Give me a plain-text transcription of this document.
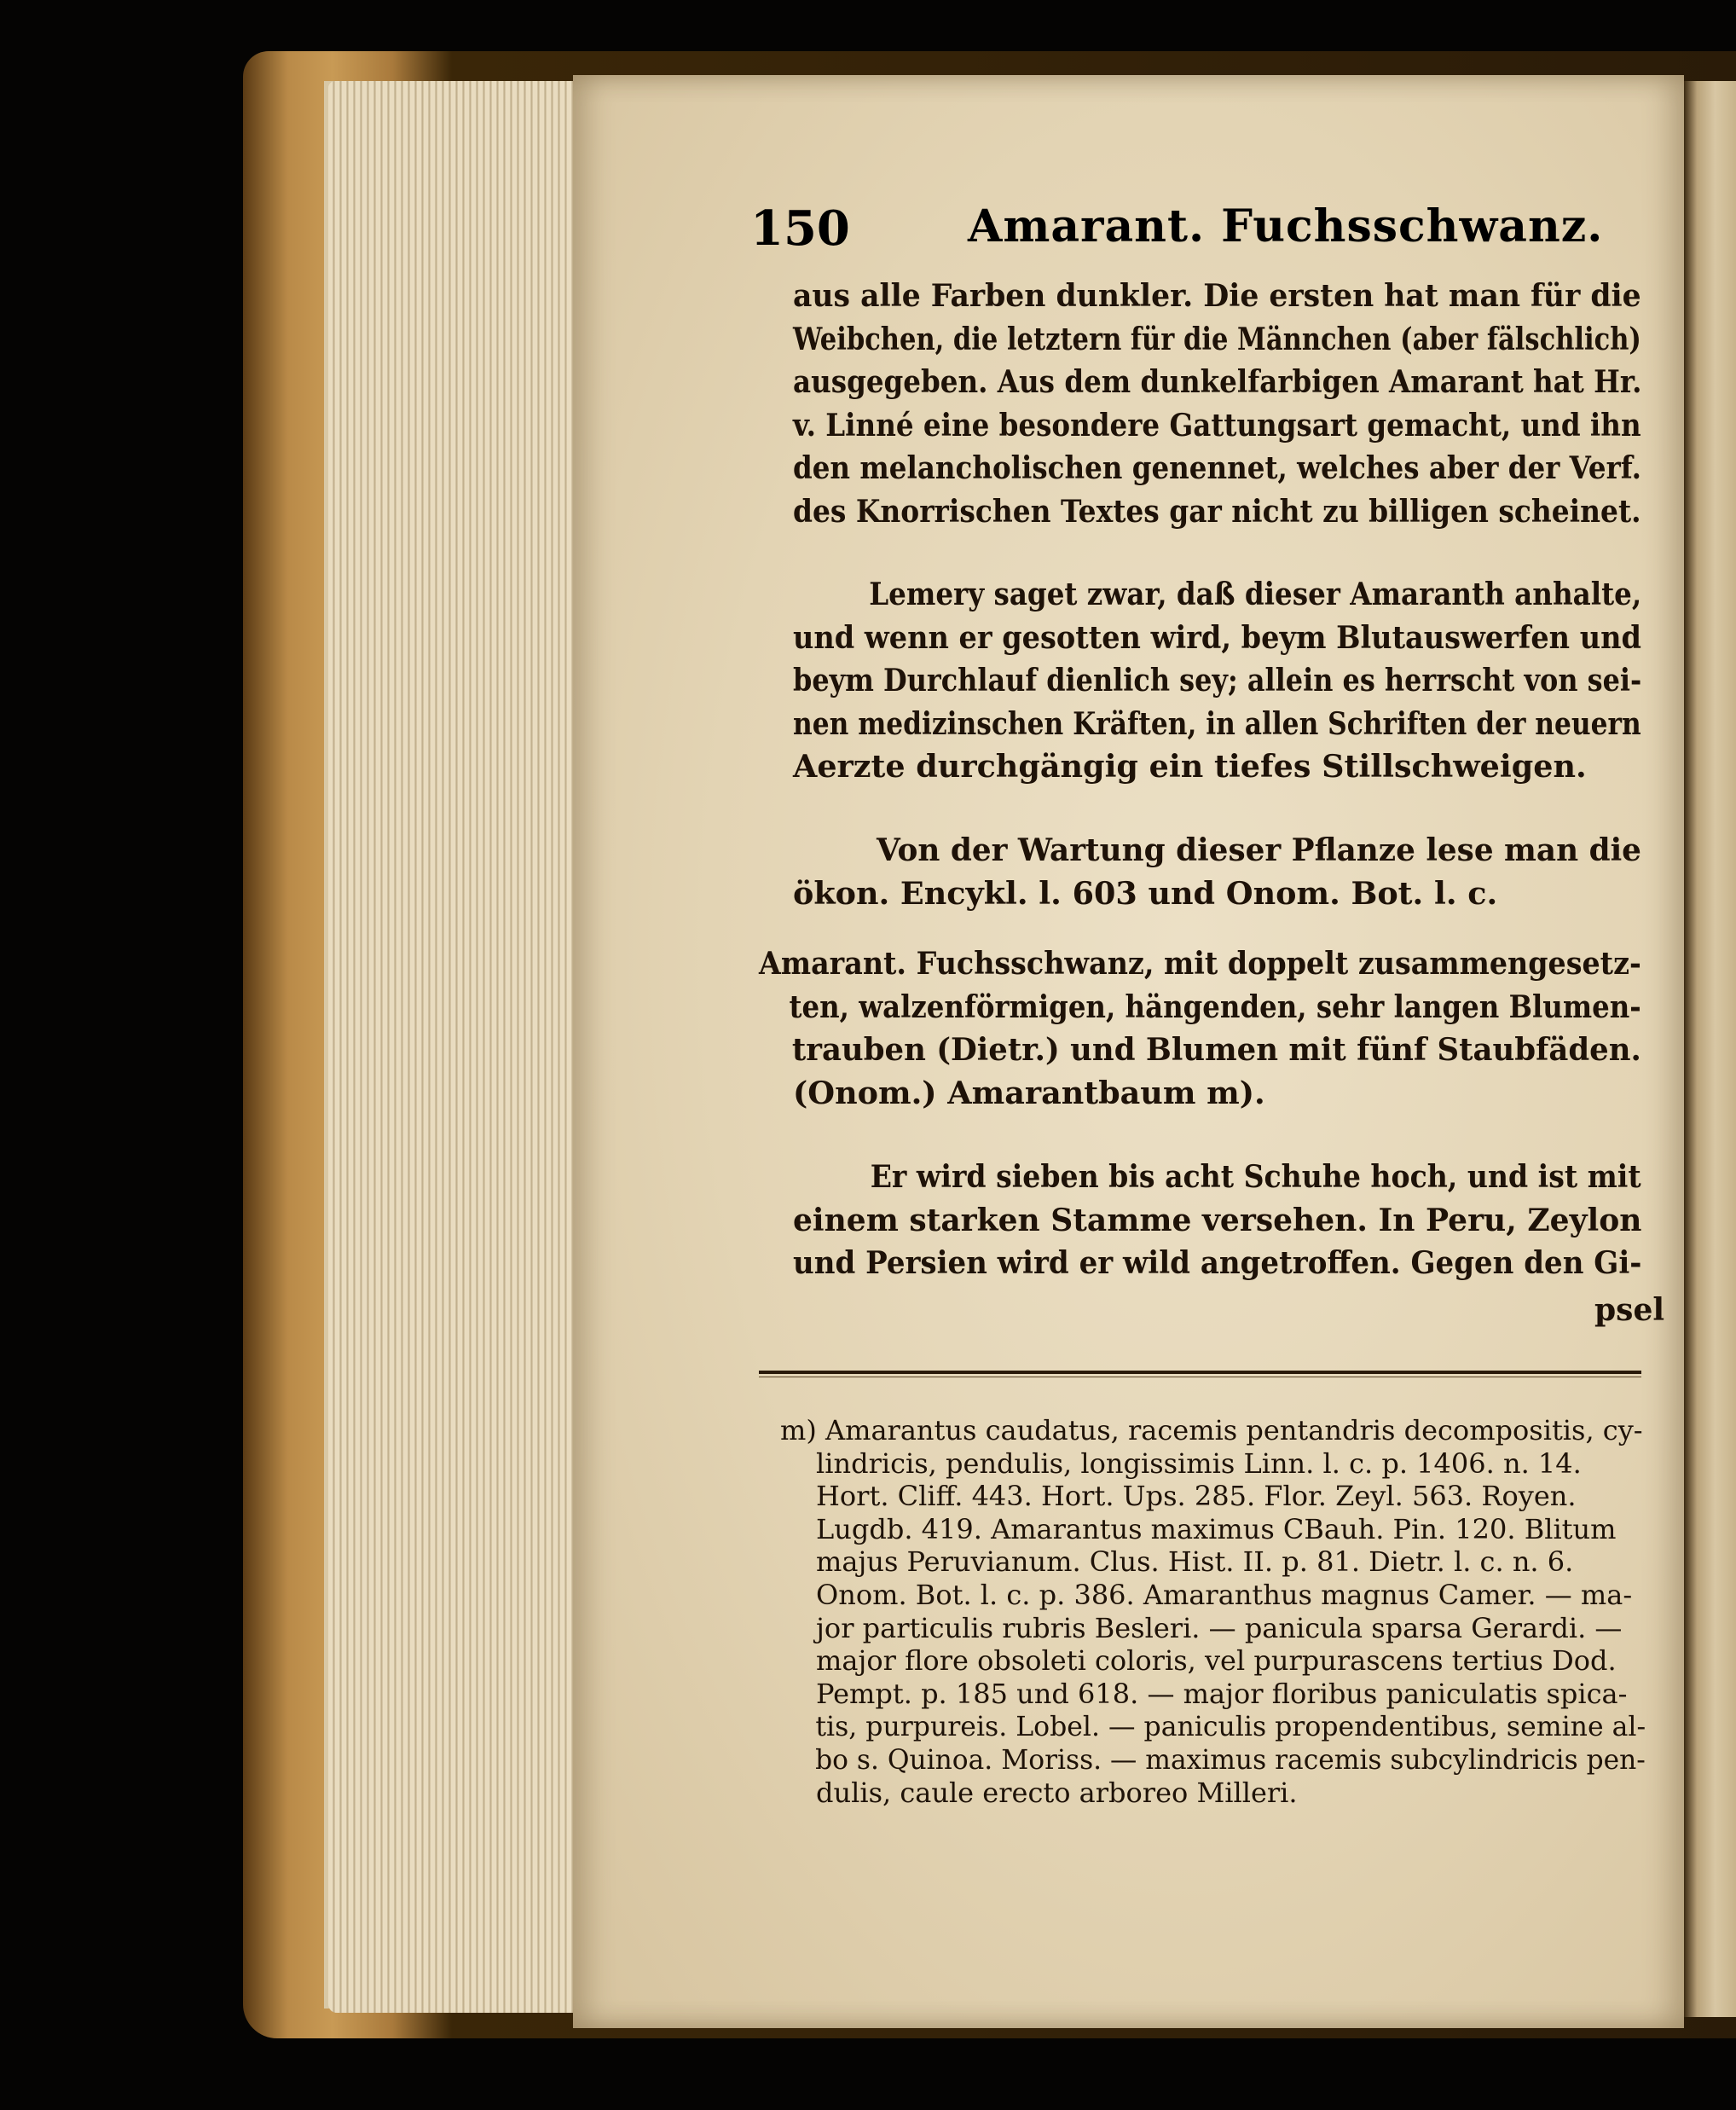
150	Amarant. Fuchsschwanz.
aus alle Farben dunkler. Die ersten hat man für die
Weibchen, die letztern für die Männchen (aber fälschlich)
ausgegeben. Aus dem dunkelfarbigen Amarant hat Hr.
v. Linné eine besondere Gattungsart gemacht, und ihn
den melancholischen genennet, welches aber der Verf.
des Knorrischen Textes gar nicht zu billigen scheinet.
Lemery saget zwar, daß dieser Amaranth anhalte,
und wenn er gesotten wird, beym Blutauswerfen und
beym Durchlauf dienlich sey; allein es herrscht von sei-
nen medizinschen Kräften, in allen Schriften der neuern
Aerzte durchgängig ein tiefes Stillschweigen.
Von der Wartung dieser Pflanze lese man die
ökon. Encykl. l. 603 und Onom. Bot. l. c.
Amarant. Fuchsschwanz, mit doppelt zusammengesetz-
ten, walzenförmigen, hängenden, sehr langen Blumen-
trauben (Dietr.) und Blumen mit fünf Staubfäden.
(Onom.) Amarantbaum m).
Er wird sieben bis acht Schuhe hoch, und ist mit
einem starken Stamme versehen. In Peru, Zeylon
und Persien wird er wild angetroffen. Gegen den Gi-
psel
m) Amarantus caudatus, racemis pentandris decompositis, cy-
lindricis, pendulis, longissimis Linn. l. c. p. 1406. n. 14.
Hort. Cliff. 443. Hort. Ups. 285. Flor. Zeyl. 563. Royen.
Lugdb. 419. Amarantus maximus CBauh. Pin. 120. Blitum
majus Peruvianum. Clus. Hist. II. p. 81. Dietr. l. c. n. 6.
Onom. Bot. l. c. p. 386. Amaranthus magnus Camer. — ma-
jor particulis rubris Besleri. — panicula sparsa Gerardi. —
major flore obsoleti coloris, vel purpurascens tertius Dod.
Pempt. p. 185 und 618. — major floribus paniculatis spica-
tis, purpureis. Lobel. — paniculis propendentibus, semine al-
bo s. Quinoa. Moriss. — maximus racemis subcylindricis pen-
dulis, caule erecto arboreo Milleri.
